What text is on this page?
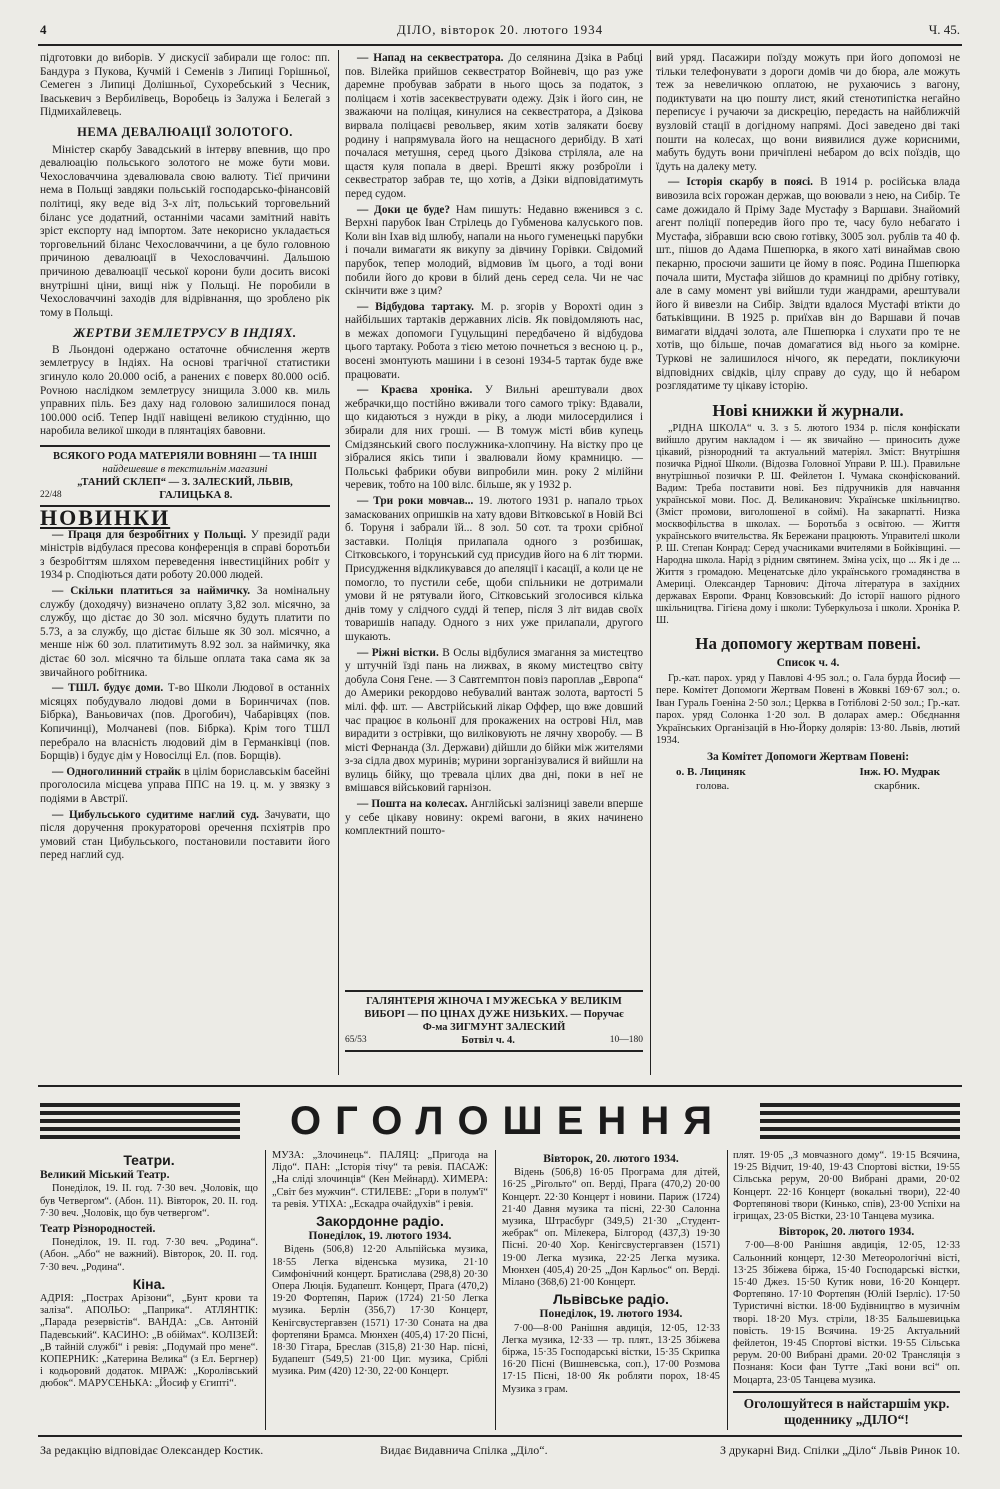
4	ДІЛО, вівторок 20. лютого 1934	Ч. 45.

підготовки до виборів. У дискусії забирали ще голос: пп. Бандура з Пукова, Кучмій і Семенів з Липиці Горішньої, Семеген з Липиці Долішньої, Сухоребський з Чесник, Іваськевич з Вербилівець, Воробець із Залужа і Белегай з Підмихайлевець.

НЕМА ДЕВАЛЮАЦІЇ ЗОЛОТОГО.

Міністер скарбу Завадський в інтерву впевнив, що про девалюацію польського золотого не може бути мови. Чехословаччина здевалювала свою валюту. Тієї причини нема в Польщі завдяки польській господарсько-фінансовій політиці, яку веде від 3-х літ, польський торговельний біланс усе додатний, останніми часами замітний навіть зріст експорту над імпортом. Зате некорисно укладається торговельний біланс Чехословаччини, а це було головною причиною девалюації в Чехословаччині. Дальшою причиною девалюації чеської корони були досить високі внутрішні ціни, вищі ніж у Польщі. Не поробили в Чехословаччині заходів для відрівнання, що зроблено рік тому в Польщі.

ЖЕРТВИ ЗЕМЛЕТРУСУ В ІНДІЯХ.

В Льондоні одержано остаточне обчислення жертв землетрусу в Індіях. На основі трагічної статистики згинуло коло 20.000 осіб, а ранених є поверх 80.000 осіб. Povнoю наслідком землетрусу знищила 3.000 кв. миль управних піль. Без даху над головою залишилося понад 100.000 осіб. Тепер Індії навіщені великою студінню, що наробила великої шкоди в плянтаціях бавовни.

ВСЯКОГО РОДА МАТЕРІЯЛИ ВОВНЯНІ — ТА ІНШІ
найдешевше в текстильнім магазині
„ТАНИЙ СКЛЕП“ — З. ЗАЛЕСКИЙ, ЛЬВІВ,
22/48	ГАЛИЦЬКА 8.
НОВИНКИ

— Праця для безробітних у Польщі. У президії ради міністрів відбулася пресова конференція в справі боротьби з безробіттям шляхом переведення інвестиційних робіт у 1934 р. Сподіються дати роботу 20.000 людей.

— Скільки платиться за наймичку. За номінальну службу (доходячу) визначено оплату 3,82 зол. місячно, за службу, що дістає до 30 зол. місячно будуть платити по 5.73, а за службу, що дістає більше як 30 зол. місячно, а менше ніж 60 зол. платитимуть 8.92 зол. за наймичку, яка дістає 60 зол. місячно та більше оплата така сама як за звичайного робітника.

— ТШЛ. будує доми. Т-во Школи Людової в останніх місяцях побудувало людові доми в Боринчичах (пов. Бібрка), Ваньовичах (пов. Дрогобич), Чабарівцях (пов. Копичинці), Молчаневі (пов. Бібрка). Крім того ТШЛ перебрало на власність людовий дім в Германківці (пов. Борщів) і будує дім у Новосілці Ел. (пов. Борщів).

— Одноголинний страйк в цілім бориславськім басейні проголосила місцева управа ППС на 19. ц. м. у звязку з подіями в Австрії.

— Цибульського судитиме наглий суд. Зачувати, що після доручення прокураторові оречення псхіятрів про умовий стан Цибульського, постановили поставити його перед наглий суд.

— Напад на секвестратора. До селянина Дзіка в Рабці пов. Вілейка прийшов секвестратор Войневіч, що раз уже даремне пробував забрати в нього щось за податок, з поліцаєм і хотів засеквеструвати одежу. Дзік і його син, не зважаючи на поліцая, кинулися на секвестратора, а Дзікова вирвала поліцаєві револьвер, яким хотів залякати боєву родину і напрямувала його на нещасного дерибідy. В хаті почалася метушня, серед цього Дзікова стріляла, але на щастя куля попала в двері. Врешті якжу розброїли і секвестратор забрав те, що хотів, а Дзіки відповідатимуть перед судом.

— Доки це буде? Нам пишуть: Недавно вженився з с. Верхні парубок Іван Стрілець до Губменова калуського пов. Коли він Іхав від шлюбу, напали на нього гуменецькі парубки і почали вимагати як викупу за дівчину Горівки. Свідомий парубок, тепер молодий, відмовив їм цього, а тоді вони побили його до крови в білий день серед села. Чи не час скінчити вже з цим?

— Відбудова тартаку. М. р. згорів у Ворохті один з найбільших тартаків державних лісів. Як повідомляють нас, в межах допомоги Гуцульщині передбачено й відбудова цього тартаку. Робота з тією метою почнеться з весною ц. р., восені змонтують машини і в сезоні 1934-5 тартак буде вже працювати.

— Краєва хроніка. У Вильні арештували двох жебрачки,що постійно вживали того самого тріку: Вдавали, що кидаються з нужди в ріку, а люди милосердилися і збирали для них гроші. — В томуж місті вбив купець Смідзянський свого послужника-хлопчину. На вістку про це зібралися якісь типи і звалювали йому крамницю. — Польські фабрики обуви випробили мин. року 2 мілійни черевик, тобто на 100 вілс. більше, як у 1932 р.

— Три роки мовчав... 19. лютого 1931 р. напало трьох замаскованих опришків на хату вдови Вітковської в Новій Всі б. Торуня і забрали їй... 8 зол. 50 сот. та трохи срібної заставки. Поліція прилапала одного з розбишак, Сітковського, і торунський суд присудив його на 6 літ тюрми. Присудження відкликувався до апеляції і касації, а коли це не помогло, то пустили себе, щоби спільники не дотримали умови й не рятували його, Сітковський зголосився кілька днів тому у слідчого судді й тепер, після 3 літ видав своїх товаришів нападу. Одного з них уже прилапали, другого шукають.

— Ріжні вістки. В Ослы відбулися змагання за мистецтво у штучній їзді пань на лижвах, в якому мистецтво світу добула Соня Гене. — З Савтгемптон повіз пароплав „Европа“ до Америки рекордово небувалий вантаж золота, вартості 5 мілі. фф. шт. — Австрійський лікар Оффер, що вже довший час працює в кольонії для прокажених на острові Ніл, мав вирадити з острівки, що виліковують не лячну хворобу. — В місті Фернанда (Зл. Держави) дійшли до бійки між жителями з-за сідла двох муринів; мурини зорганізувалися й вийшли на вулиць бійку, що тревала цілих два дні, поки в неї не вмішався військовий гарнізон.

— Пошта на колесах. Англійські залізниці завели вперше у себе цікаву новину: окремі вагони, в яких начинено комплектний пошто-

ГАЛЯНТЕРІЯ ЖІНОЧА І МУЖЕСЬКА У ВЕЛИКІМ
ВИБОРІ — ПО ЦІНАХ ДУЖЕ НИЗЬКИХ. — Поручає
Ф-ма ЗИГМУНТ ЗАЛЕСКИЙ
65/53	Ботвіл ч. 4.	10—180

вий уряд. Пасажири поїзду можуть при його допомозі не тільки телефонувати з дороги домів чи до бюра, але можуть теж за невеличкою оплатою, не рухаючись з вагону, подиктувати на цю пошту лист, який стенотипістка негайно переписує і ручаючи за дискрецію, передасть на найближчій вузловій стації в догідному напрямі. Досі заведено дві такі пошти на колесах, що вони виявилися дуже корисними, мабуть будуть вони причіплені небаром до всіх поїздів, що їдуть на далеку мету.

— Історія скарбу в поясі. В 1914 р. російська влада вивозила всіх горожан держав, що воювали з нею, на Сибір. Те саме дожидало й Пріму Заде Мустафу з Варшави. Знайомий агент поліції попередив його про те, часу було небагато і Мустафа, зібравши всю свою готівку, 3005 зол. рублів та 40 ф. шт., пішов до Адама Пшепюрка, в якого хаті винаймав свою пекарню, просючи зашити це йому в пояс. Родина Пшепюрка почала шити, Мустафа зійшов до крамниці по дрібну готівку, але в саму момент уві вийшли туди жандрами, арештували його й вивезли на Сибір. Звідти вдалося Мустафі втікти до батьківщини. В 1925 р. приїхав він до Варшави й почав вимагати віддачі золота, але Пшепюрка і слухати про те не хотів, що більше, почав домагатися від нього за комірне. Туркові не залишилося нічого, як передати, покликуючи відповідних свідків, цілу справу до суду, що й небаром розглядатиме ту цікаву історію.

Нові книжки й журнали.

„РІДНА ШКОЛА“ ч. 3. з 5. лютого 1934 р. після конфіскати вийшло другим накладом і — як звичайно — приносить дуже цікавий, різнородний та актуальний матеріял. Зміст: Внутрішня позичка Рідної Школи. (Відозва Головної Управи Р. Ш.). Правильне внутрішньої позички Р. Ш. Фейлетон І. Чумака сконфіскований. Вадим: Треба поставити нові. Без підручників для навчання української мови. Пос. Д. Великанович: Українське шкільництво. (Зміст промови, виголошеної в соймі). На закарпатті. Низка москвофільства в школах. — Боротьба з освітою. — Життя українського вчительства. Як Бережани працюють. Управителі школи Р. Ш. Степан Конрад: Серед учасниками вчителями в Бойківщині. — Народна школа. Нарід з рідним святинем. Зміна усіх, що ... Як і де ... Життя з громадою. Меценатське діло українського громадянства в Америці. Олександер Тарнович: Діточа література в західних державах Европи. Франц Ковзовський: До історії нашого рідного шкільництва. Гігієна дому і школи: Туберкульоза і школи. Хроніка Р. Ш.

На допомогу жертвам повені.
Список ч. 4.

Гр.-кат. парох. уряд у Павлові 4·95 зол.; о. Гала бурда Йосиф — пере. Комітет Допомоги Жертвам Повені в Жовкві 169·67 зол.; о. Іван Гураль Гоеніна 2·50 зол.; Церква в Готіблові 2·50 зол.; Гр.-кат. парох. уряд Солонка 1·20 зол. В доларах амер.: Обєднання Українських Організацій в Ню-Йорку долярів: 13·80. Львів, лютий 1934.

За Комітет Допомоги Жертвам Повені:
о. В. Лициняк	Інж. Ю. Мудрак
голова.	скарбник.
ОГОЛОШЕННЯ
Театри.
Великий Міський Театр.

Понеділок, 19. II. год. 7·30 веч. „Чоловік, що був Четвергом“. (Абон. 11). Вівторок, 20. II. год. 7·30 веч. „Чоловік, що був четвергом“.

Театр Різнородностей.

Понеділок, 19. II. год. 7·30 веч. „Родина“. (Абон. „Або“ не важний). Вівторок, 20. II. год. 7·30 веч. „Родина“.

Кіна.

АДРІЯ: „Пострах Арізони“, „Бунт крови та заліза“. АПОЛЬО: „Паприка“. АТЛЯНТІК: „Парада резервістів“. ВАНДА: „Св. Антоній Падевський“. КАСИНО: „В обіймах“. КОЛІЗЕЙ: „В тайній службі“ і ревія: „Подумай про мене“. КОПЕРНИК: „Катерина Велика“ (з Ел. Бергнер) і кодьоровий додаток. МІРАЖ: „Королівський дюбок“. МАРУСЕНЬКА: „Йосиф у Єгипті“.

МУЗА: „Злочинець“. ПАЛЯЦ: „Пригода на Лідо“. ПАН: „Історія тічу“ та ревія. ПАСАЖ: „На сліді злочинців“ (Кен Мейнард). ХИМЕРА: „Світ без мужчин“. СТИЛЕВЕ: „Гори в полум'ї“ та ревія. УТІХА: „Ескадра очайдухів“ і ревія.

Закордонне радіо.
Понеділок, 19. лютого 1934.

Відень (506,8) 12·20 Альпійська музика, 18·55 Легка віденська музика, 21·10 Симфонічний концерт. Братислава (298,8) 20·30 Опера Люція. Будапешт. Концерт, Прага (470,2) 19·20 Фортепян, Париж (1724) 21·50 Легка музика. Берлін (356,7) 17·30 Концерт, Кенігсвустергавзен (1571) 17·30 Соната на два фортепяни Брамса. Мюнхен (405,4) 17·20 Пісні, 18·30 Гітара, Бреслав (315,8) 21·30 Нар. пісні, Будапешт (549,5) 21·00 Циг. музика, Сріблі музика. Рим (420) 12·30, 22·00 Концерт.

Вівторок, 20. лютого 1934.

Відень (506,8) 16·05 Програма для дітей, 16·25 „Рігольто“ оп. Верді, Прага (470,2) 20·00 Концерт. 22·30 Концерт і новини. Париж (1724) 21·40 Давня музика та пісні, 22·30 Салонна музика, Штрасбург (349,5) 21·30 „Студент-жебрак“ оп. Мілекера, Білгород (437,3) 19·30 Пісні. 20·40 Хор. Кенігсвустергавзен (1571) 19·00 Легка музика, 22·25 Легка музика. Мюнхен (405,4) 20·25 „Дон Карльос“ оп. Верді. Мілано (368,6) 21·00 Концерт.

Львівське радіо.
Понеділок, 19. лютого 1934.

7·00—8·00 Ранішня авдиція, 12·05, 12·33 Легка музика, 12·33 — тр. плят., 13·25 Збіжева біржа, 15·35 Господарські вістки, 15·35 Скрипка 16·20 Пісні (Вишневська, соп.), 17·00 Розмова 17·15 Пісні, 18·00 Як робляти порох, 18·45 Музика з грам.

плят. 19·05 „З мовчазного дому“. 19·15 Всячина, 19·25 Відчит, 19·40, 19·43 Спортові вістки, 19·55 Сільська рерум, 20·00 Вибрані драми, 20·02 Концерт. 22·16 Концерт (вокальні твори), 22·40 Фортепянові твори (Кинько, спів), 23·00 Успіхи на ігрищах, 23·05 Вістки, 23·10 Танцева музика.

Вівторок, 20. лютого 1934.

7·00—8·00 Ранішня авдиція, 12·05, 12·33 Сальонний концерт, 12·30 Метеорологічні вісті, 13·25 Збіжева біржа, 15·40 Господарські вістки, 15·40 Джез. 15·50 Кутик нови, 16·20 Концерт. Фортепяно. 17·10 Фортепян (Юлій Ізерліс). 17·50 Туристичні вістки. 18·00 Будівництво в музичнім творі. 18·20 Муз. стріли, 18·35 Бальшевицька повість. 19·15 Всячина. 19·25 Актуальний фейлетон, 19·45 Спортові вістки. 19·55 Сільська рерум. 20·00 Вибрані драми. 20·02 Трансляція з Познаня: Коси фан Тутте „Такі вони всі“ оп. Моцарта, 23·05 Танцева музика.

Оголошуйтеся в найстаршім укр. щоденнику „ДІЛО“!
За редакцію відповідає Олександер Костик.	Видає Видавнича Спілка „Діло“.	З друкарні Вид. Спілки „Діло“ Львів Ринок 10.
